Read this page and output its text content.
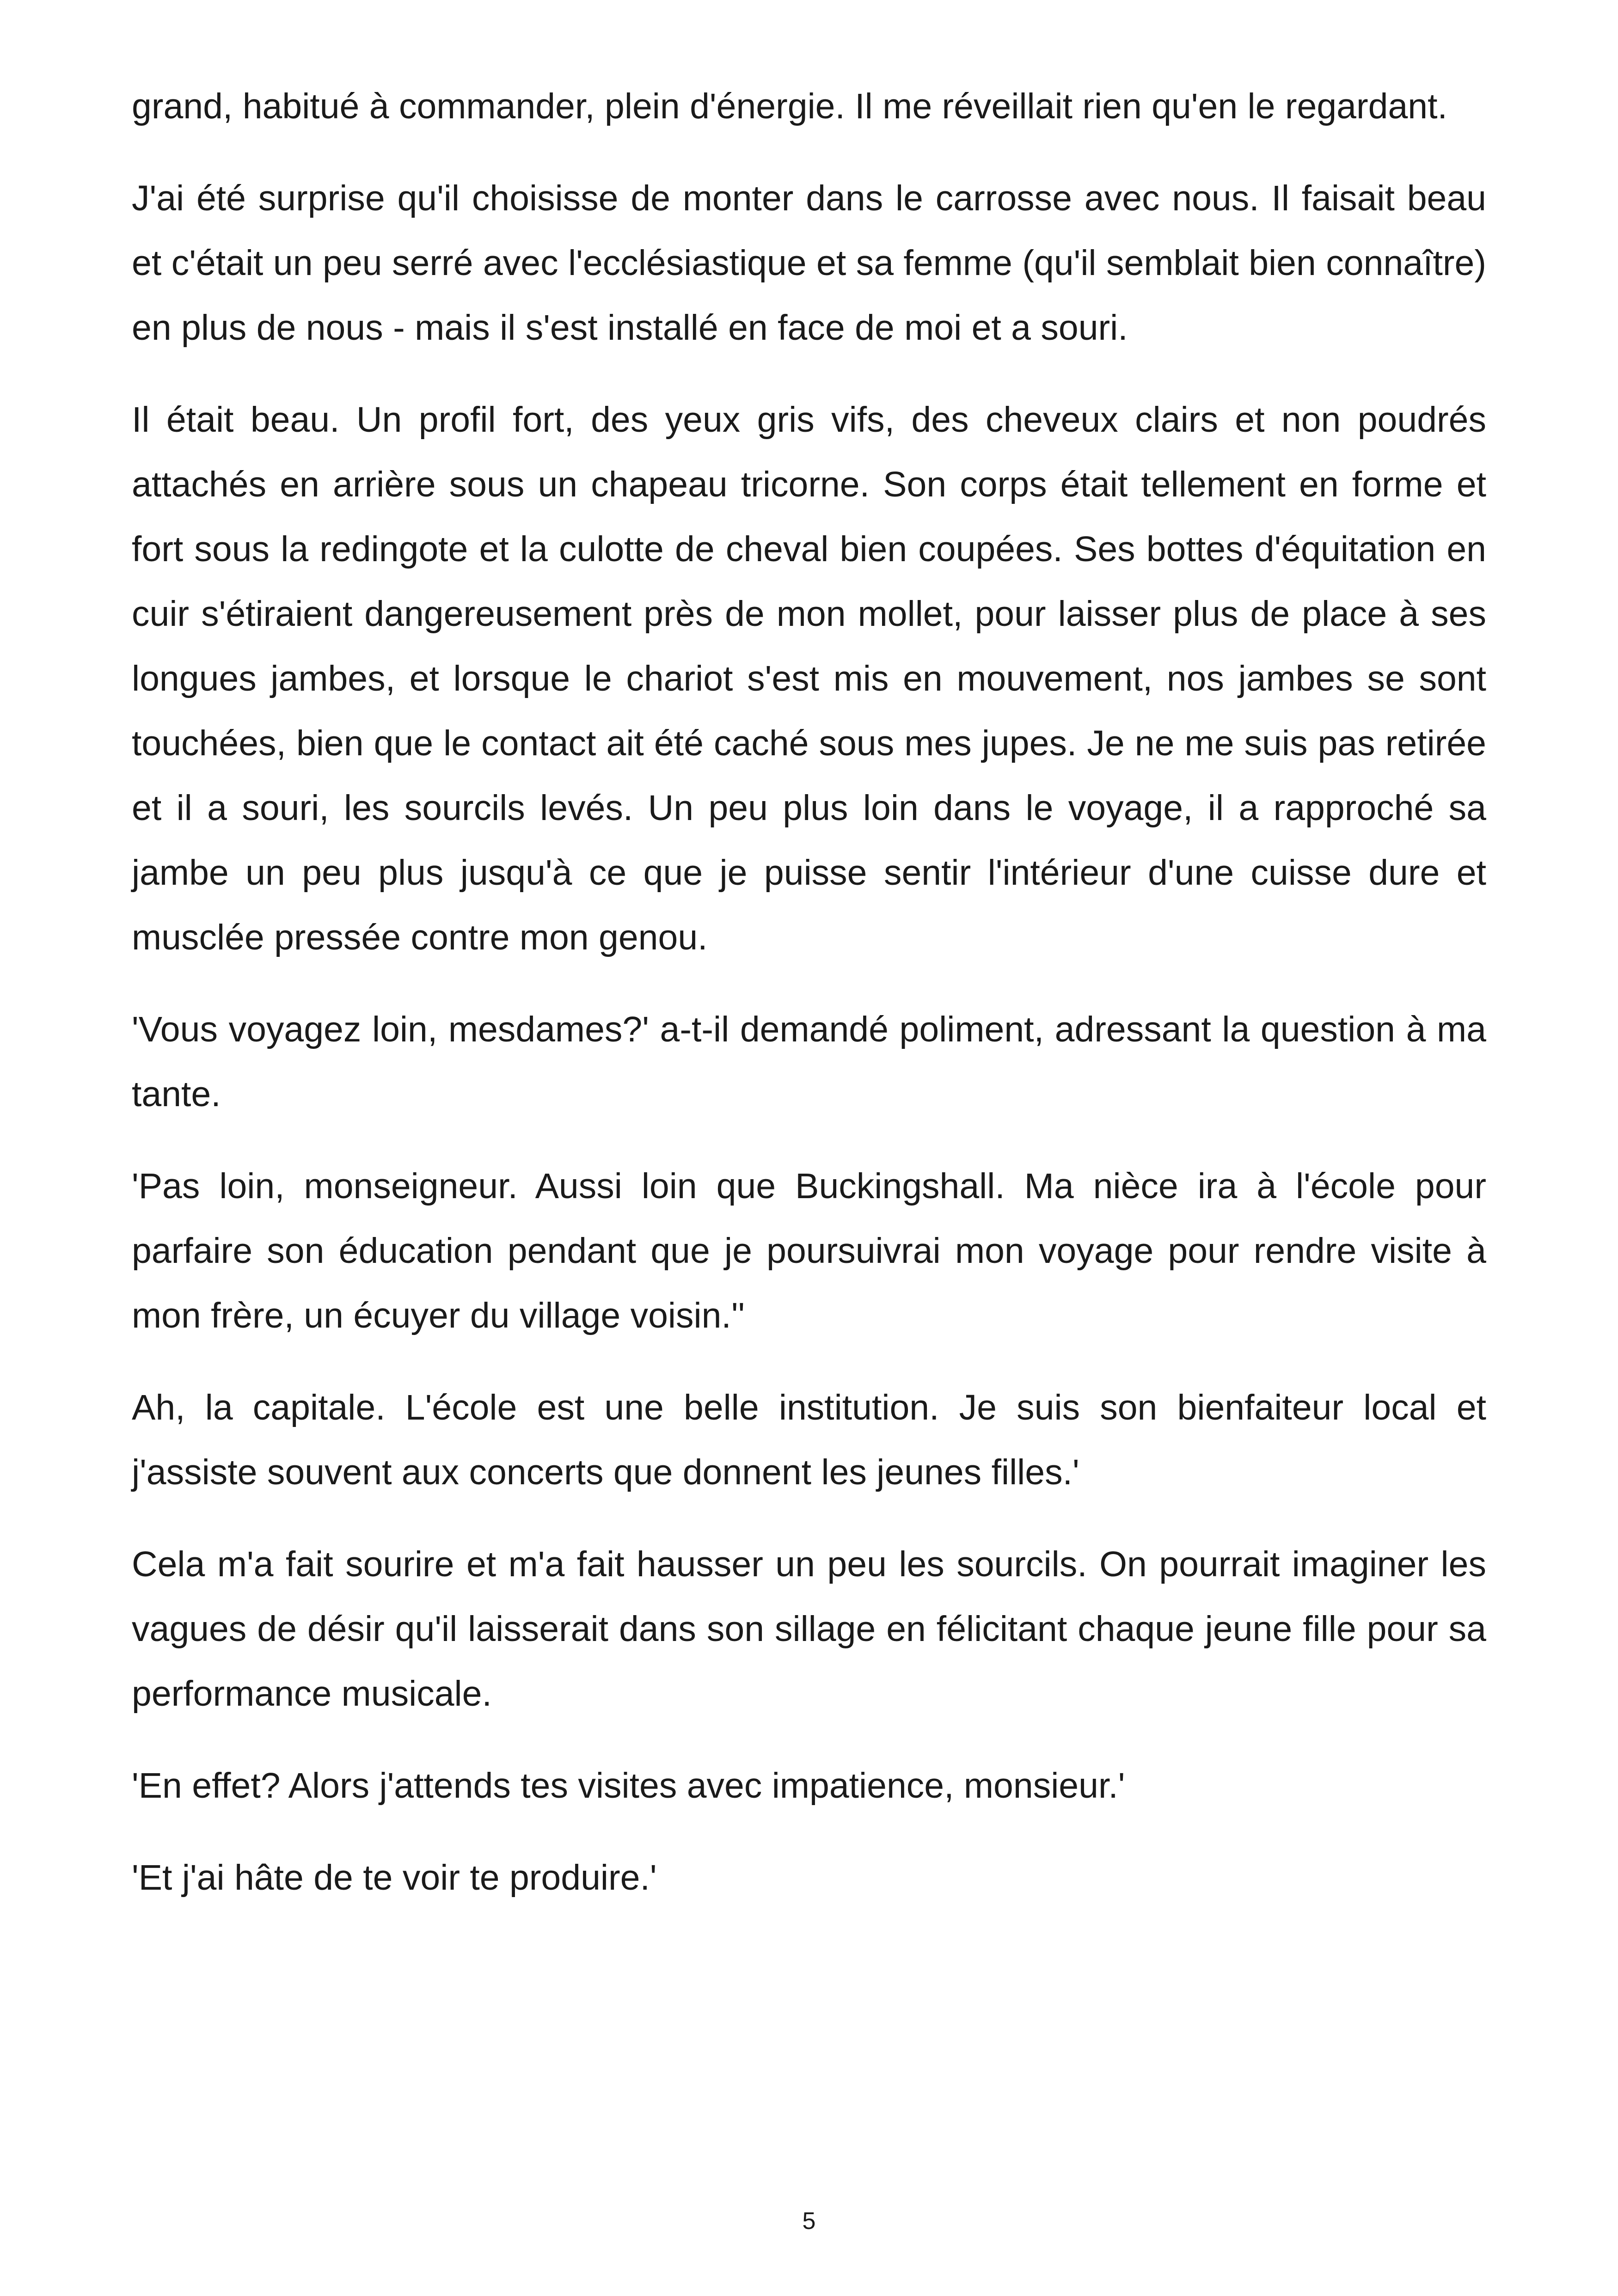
grand, habitué à commander, plein d'énergie. Il me réveillait rien qu'en le regardant.

J'ai été surprise qu'il choisisse de monter dans le carrosse avec nous. Il faisait beau et c'était un peu serré avec l'ecclésiastique et sa femme (qu'il semblait bien connaître) en plus de nous - mais il s'est installé en face de moi et a souri.

Il était beau. Un profil fort, des yeux gris vifs, des cheveux clairs et non poudrés attachés en arrière sous un chapeau tricorne. Son corps était tellement en forme et fort sous la redingote et la culotte de cheval bien coupées. Ses bottes d'équitation en cuir s'étiraient dangereusement près de mon mollet, pour laisser plus de place à ses longues jambes, et lorsque le chariot s'est mis en mouvement, nos jambes se sont touchées, bien que le contact ait été caché sous mes jupes. Je ne me suis pas retirée et il a souri, les sourcils levés. Un peu plus loin dans le voyage, il a rapproché sa jambe un peu plus jusqu'à ce que je puisse sentir l'intérieur d'une cuisse dure et musclée pressée contre mon genou.

'Vous voyagez loin, mesdames?' a-t-il demandé poliment, adressant la question à ma tante.

'Pas loin, monseigneur. Aussi loin que Buckingshall. Ma nièce ira à l'école pour parfaire son éducation pendant que je poursuivrai mon voyage pour rendre visite à mon frère, un écuyer du village voisin.''

Ah, la capitale. L'école est une belle institution. Je suis son bienfaiteur local et j'assiste souvent aux concerts que donnent les jeunes filles.'

Cela m'a fait sourire et m'a fait hausser un peu les sourcils. On pourrait imaginer les vagues de désir qu'il laisserait dans son sillage en félicitant chaque jeune fille pour sa performance musicale.

'En effet? Alors j'attends tes visites avec impatience, monsieur.'

'Et j'ai hâte de te voir te produire.'

5
